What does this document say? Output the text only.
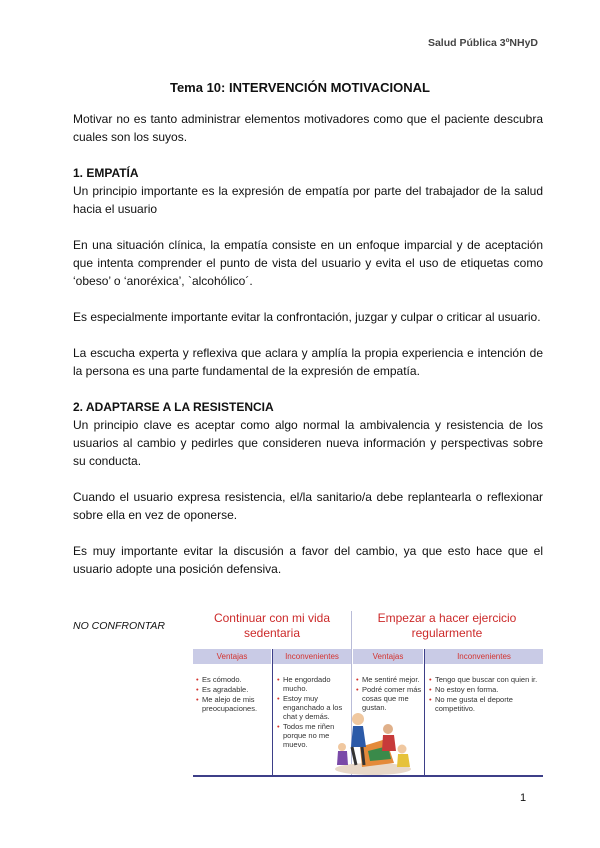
Salud Pública 3ºNHyD
Tema 10: INTERVENCIÓN MOTIVACIONAL

Motivar no es tanto administrar elementos motivadores como que el paciente descubra cuales son los suyos.

1. EMPATÍA

Un principio importante es la expresión de empatía por parte del trabajador de la salud hacia el usuario

En una situación clínica, la empatía consiste en un enfoque imparcial y de aceptación que intenta comprender el punto de vista del usuario y evita el uso de etiquetas como ‘obeso’ o ‘anoréxica’, `alcohólico´.

Es especialmente importante evitar la confrontación, juzgar y culpar o criticar al usuario.

La escucha experta y reflexiva que aclara y amplía la propia experiencia e intención de la persona es una parte fundamental de la expresión de empatía.

2. ADAPTARSE A LA RESISTENCIA

Un principio clave es aceptar como algo normal la ambivalencia y resistencia de los usuarios al cambio y pedirles que consideren nueva información y perspectivas sobre su conducta.

Cuando el usuario expresa resistencia, el/la sanitario/a debe replantearla o reflexionar sobre ella en vez de oponerse.

Es muy importante evitar la discusión a favor del cambio, ya que esto hace que el usuario adopte una posición defensiva.

NO CONFRONTAR
Continuar con mi vida sedentaria
Ventajas	Inconvenientes
• Es cómodo.
• Es agradable.
• Me alejo de mis preocupaciones.
• He engordado mucho.
• Estoy muy enganchado a los chat y demás.
• Todos me riñen porque no me muevo.
Empezar a hacer ejercicio regularmente
Ventajas	Inconvenientes
• Me sentiré mejor.
• Podré comer más cosas que me gustan.
• Tengo que buscar con quien ir.
• No estoy en forma.
• No me gusta el deporte competitivo.
1
